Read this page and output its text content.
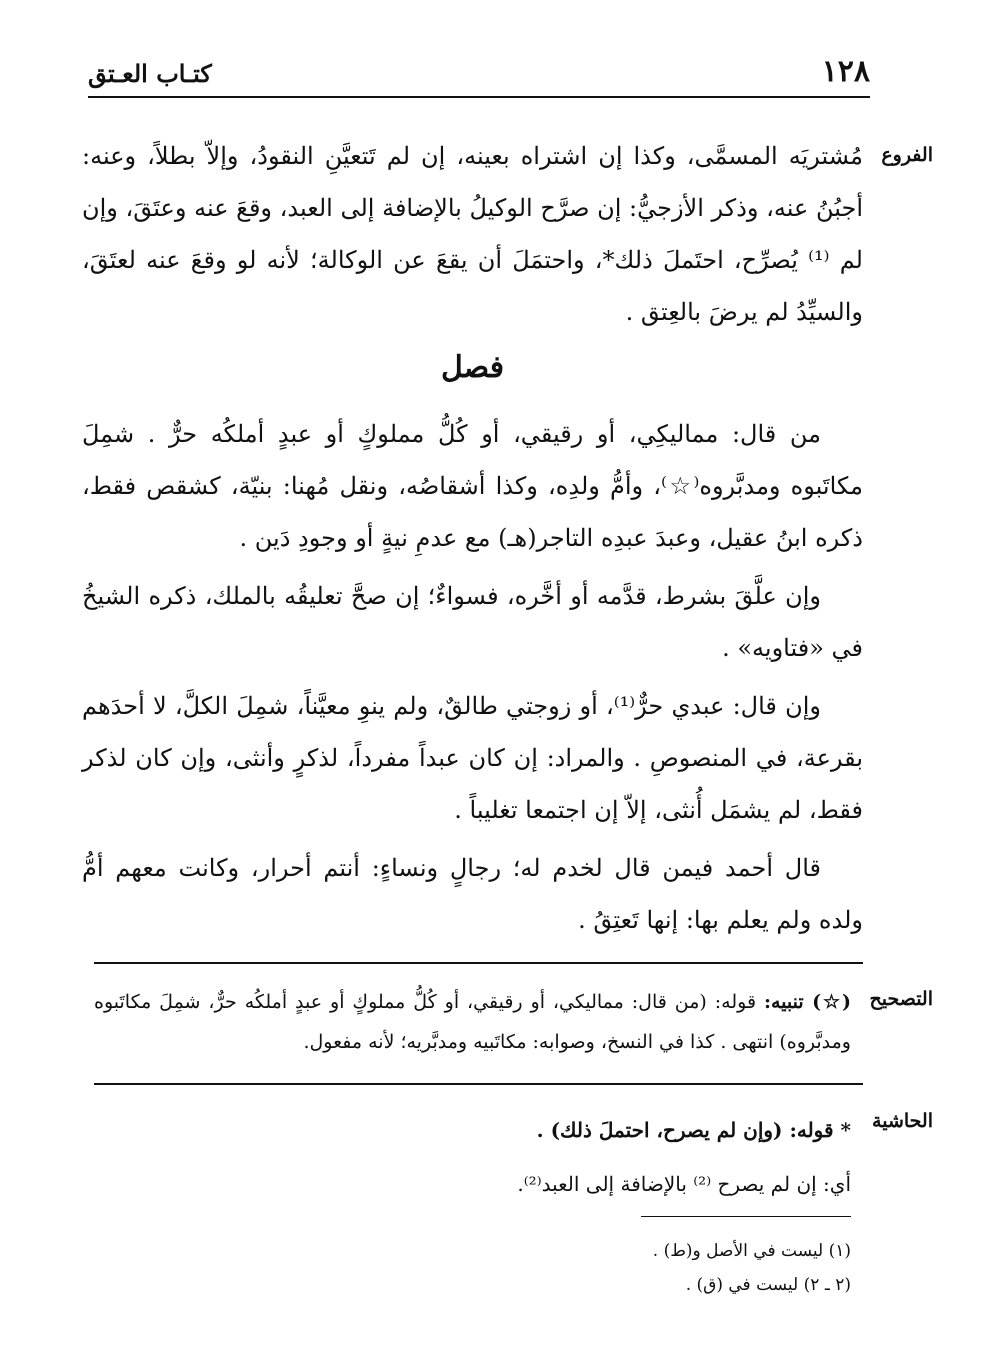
١٢٨
كتـاب العـتق
الفروع

مُشتريَه المسمَّى، وكذا إن اشتراه بعينه، إن لم تَتعيَّنِ النقودُ، وإلاّ بطلاً، وعنه: أجبُنُ عنه، وذكر الأزجيُّ: إن صرَّح الوكيلُ بالإضافة إلى العبد، وقعَ عنه وعتَقَ، وإن لم ⁽¹⁾ يُصرِّح، احتَملَ ذلك*، واحتمَلَ أن يقعَ عن الوكالة؛ لأنه لو وقعَ عنه لعتَقَ، والسيِّدُ لم يرضَ بالعِتق .

فصل

من قال: مماليكِي، أو رقيقي، أو كُلُّ مملوكٍ أو عبدٍ أملكُه حرٌّ . شمِلَ مكاتَبوه ومدبَّروه⁽☆⁾، وأمُّ ولدِه، وكذا أشقاصُه، ونقل مُهنا: بنيّة، كشقص فقط، ذكره ابنُ عقيل، وعبدَ عبدِه التاجر(هـ) مع عدمِ نيةٍ أو وجودِ دَين .

وإن علَّقَ بشرط، قدَّمه أو أخَّره، فسواءٌ؛ إن صحَّ تعليقُه بالملك، ذكره الشيخُ في «فتاويه» .

وإن قال: عبدي حرٌّ⁽¹⁾، أو زوجتي طالقٌ، ولم ينوِ معيَّناً، شمِلَ الكلَّ، لا أحدَهم بقرعة، في المنصوصِ . والمراد: إن كان عبداً مفرداً، لذكرٍ وأنثى، وإن كان لذكر فقط، لم يشمَل أُنثى، إلاّ إن اجتمعا تغليباً .

قال أحمد فيمن قال لخدم له؛ رجالٍ ونساءٍ: أنتم أحرار، وكانت معهم أمُّ ولده ولم يعلم بها: إنها تَعتِقُ .

التصحيح

(☆) تنبيه: قوله: (من قال: مماليكي، أو رقيقي، أو كُلُّ مملوكٍ أو عبدٍ أملكُه حرٌّ، شمِلَ مكاتَبوه ومدبَّروه) انتهى . كذا في النسخ، وصوابه: مكاتَبيه ومدبَّريه؛ لأنه مفعول.

الحاشية

* قوله: (وإن لم يصرح، احتملَ ذلك) .

أي: إن لم يصرح ⁽²⁾ بالإضافة إلى العبد⁽²⁾.

(١) ليست في الأصل و(ط) .

(٢ ـ ٢) ليست في (ق) .
